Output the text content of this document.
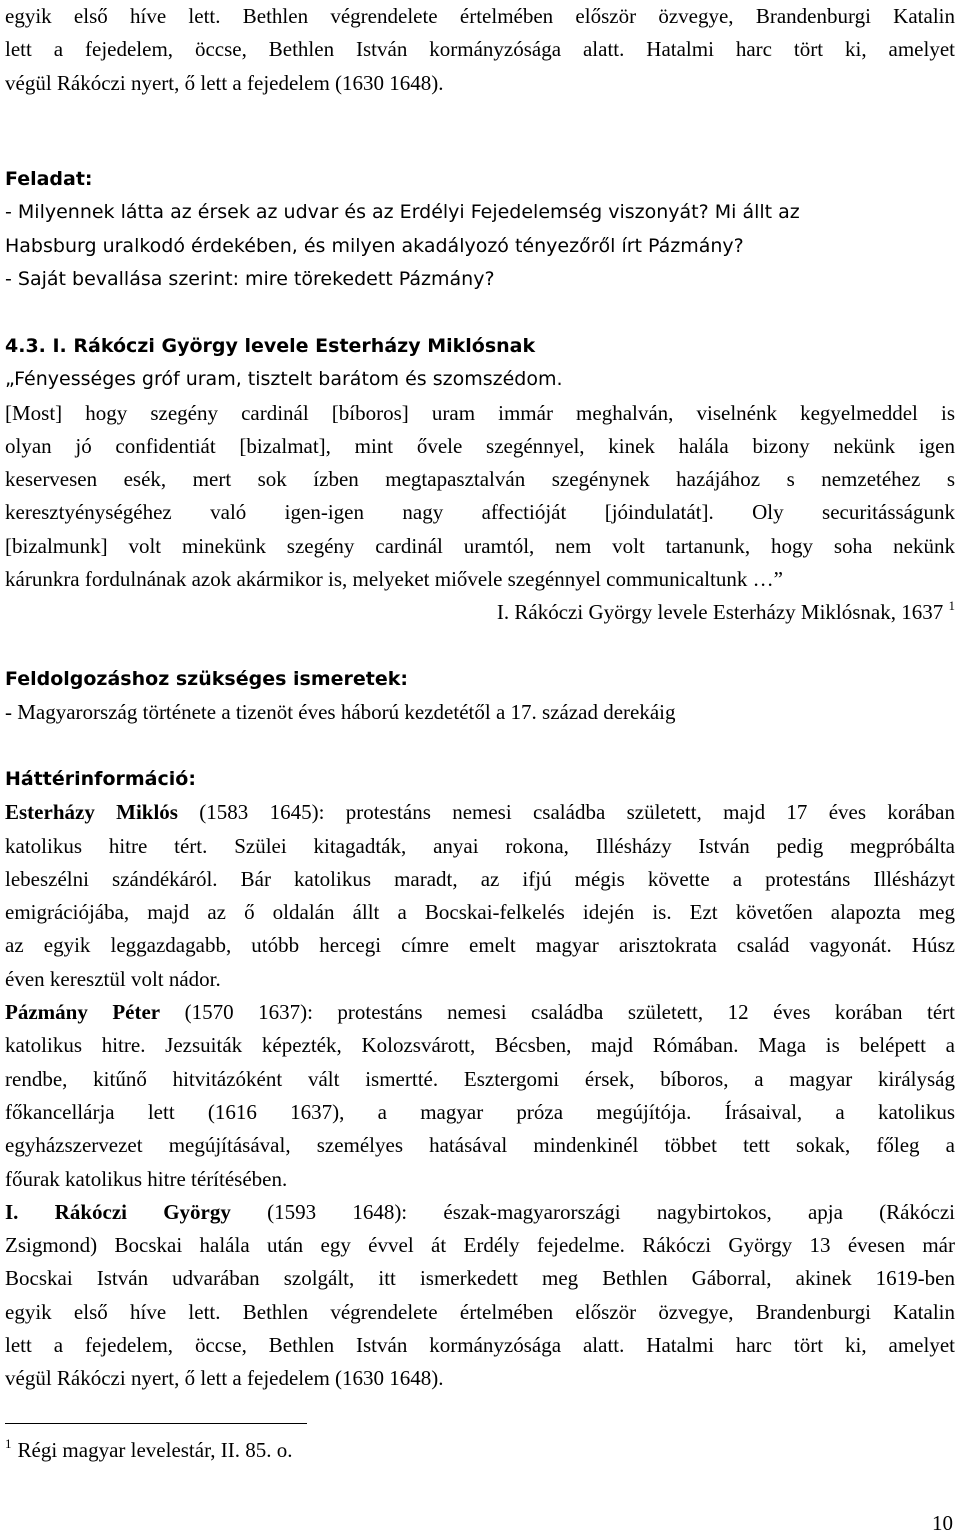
egyik első híve lett. Bethlen végrendelete értelmében először özvegye, Brandenburgi Katalin

lett a fejedelem, öccse, Bethlen István kormányzósága alatt. Hatalmi harc tört ki, amelyet

végül Rákóczi nyert, ő lett a fejedelem (1630 1648).

Feladat:

- Milyennek látta az érsek az udvar és az Erdélyi Fejedelemség viszonyát? Mi állt az

Habsburg uralkodó érdekében, és milyen akadályozó tényezőről írt Pázmány?

- Saját bevallása szerint: mire törekedett Pázmány?

4.3. I. Rákóczi György levele Esterházy Miklósnak

„Fényességes gróf uram, tisztelt barátom és szomszédom.

[Most] hogy szegény cardinál [bíboros] uram immár meghalván, viselnénk kegyelmeddel is

olyan jó confidentiát [bizalmat], mint ővele szegénnyel, kinek halála bizony nekünk igen

keservesen esék, mert sok ízben megtapasztalván szegénynek hazájához s nemzetéhez s

keresztyénységéhez való igen-igen nagy affectióját [jóindulatát]. Oly securitásságunk

[bizalmunk] volt minekünk szegény cardinál uramtól, nem volt tartanunk, hogy soha nekünk

kárunkra fordulnának azok akármikor is, melyeket miővele szegénnyel communicaltunk …”

I. Rákóczi György levele Esterházy Miklósnak, 1637 $^1$

Feldolgozáshoz szükséges ismeretek:

- Magyarország története a tizenöt éves háború kezdetétől a 17. század derekáig

Háttérinformáció:

Esterházy Miklós (1583 1645): protestáns nemesi családba született, majd 17 éves korában

katolikus hitre tért. Szülei kitagadták, anyai rokona, Illésházy István pedig megpróbálta

lebeszélni szándékáról. Bár katolikus maradt, az ifjú mégis követte a protestáns Illésházyt

emigrációjába, majd az ő oldalán állt a Bocskai-felkelés idején is. Ezt követően alapozta meg

az egyik leggazdagabb, utóbb hercegi címre emelt magyar arisztokrata család vagyonát. Húsz

éven keresztül volt nádor.

Pázmány Péter (1570 1637): protestáns nemesi családba született, 12 éves korában tért

katolikus hitre. Jezsuiták képezték, Kolozsvárott, Bécsben, majd Rómában. Maga is belépett a

rendbe, kitűnő hitvitázóként vált ismertté. Esztergomi érsek, bíboros, a magyar királyság

főkancellárja lett (1616 1637), a magyar próza megújítója. Írásaival, a katolikus

egyházszervezet megújításával, személyes hatásával mindenkinél többet tett sokak, főleg a

főurak katolikus hitre térítésében.

I. Rákóczi György (1593 1648): észak-magyarországi nagybirtokos, apja (Rákóczi

Zsigmond) Bocskai halála után egy évvel át Erdély fejedelme. Rákóczi György 13 évesen már

Bocskai István udvarában szolgált, itt ismerkedett meg Bethlen Gáborral, akinek 1619-ben

egyik első híve lett. Bethlen végrendelete értelmében először özvegye, Brandenburgi Katalin

lett a fejedelem, öccse, Bethlen István kormányzósága alatt. Hatalmi harc tört ki, amelyet

végül Rákóczi nyert, ő lett a fejedelem (1630 1648).

$^1$ Régi magyar levelestár, II. 85. o.
10
